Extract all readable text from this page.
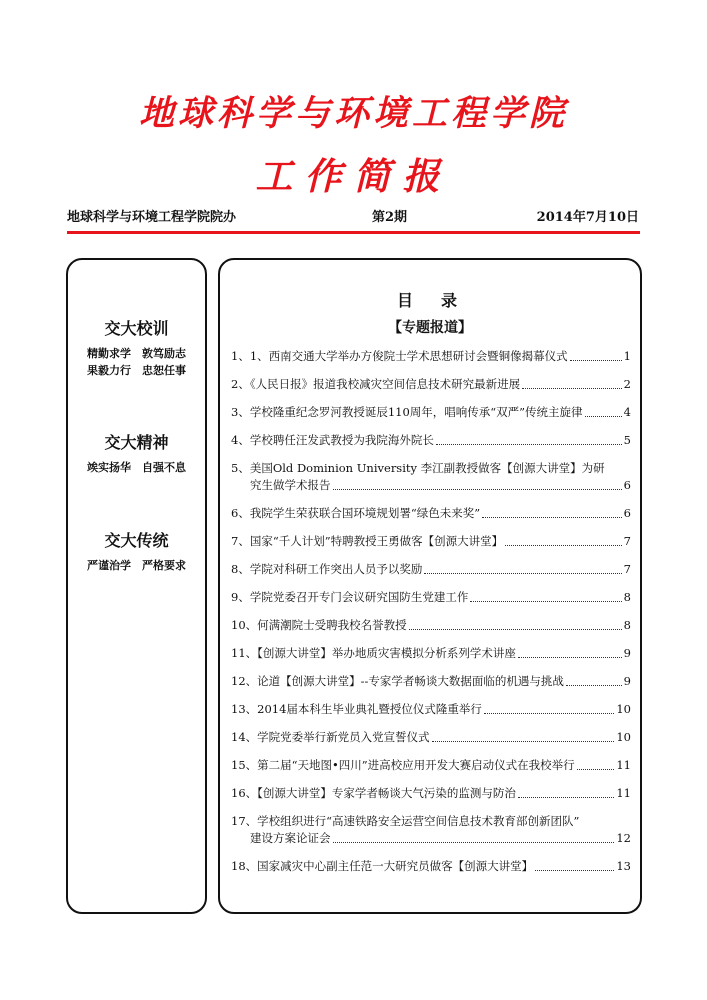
地球科学与环境工程学院
工作简报
地球科学与环境工程学院院办	第2期	2014年7月10日
交大校训
精勤求学　敦笃励志
果毅力行　忠恕任事
交大精神
竢实扬华　自强不息
交大传统
严谨治学　严格要求
目　录
【专题报道】
1、1、西南交通大学举办方俊院士学术思想研讨会暨铜像揭幕仪式	1
2、《人民日报》报道我校减灾空间信息技术研究最新进展	2
3、学校隆重纪念罗河教授诞辰110周年，唱响传承“双严”传统主旋律	4
4、学校聘任汪发武教授为我院海外院长	5
5、美国Old Dominion University 李江副教授做客【创源大讲堂】为研
究生做学术报告	6
6、我院学生荣获联合国环境规划署“绿色未来奖”	6
7、国家“千人计划”特聘教授王勇做客【创源大讲堂】	7
8、学院对科研工作突出人员予以奖励	7
9、学院党委召开专门会议研究国防生党建工作	8
10、何满潮院士受聘我校名誉教授	8
11、【创源大讲堂】举办地质灾害模拟分析系列学术讲座	9
12、论道【创源大讲堂】--专家学者畅谈大数据面临的机遇与挑战	9
13、2014届本科生毕业典礼暨授位仪式隆重举行	10
14、学院党委举行新党员入党宣誓仪式	10
15、第二届“天地图•四川”进高校应用开发大赛启动仪式在我校举行	11
16、【创源大讲堂】专家学者畅谈大气污染的监测与防治	11
17、学校组织进行“高速铁路安全运营空间信息技术教育部创新团队”
建设方案论证会	12
18、国家减灾中心副主任范一大研究员做客【创源大讲堂】	13
